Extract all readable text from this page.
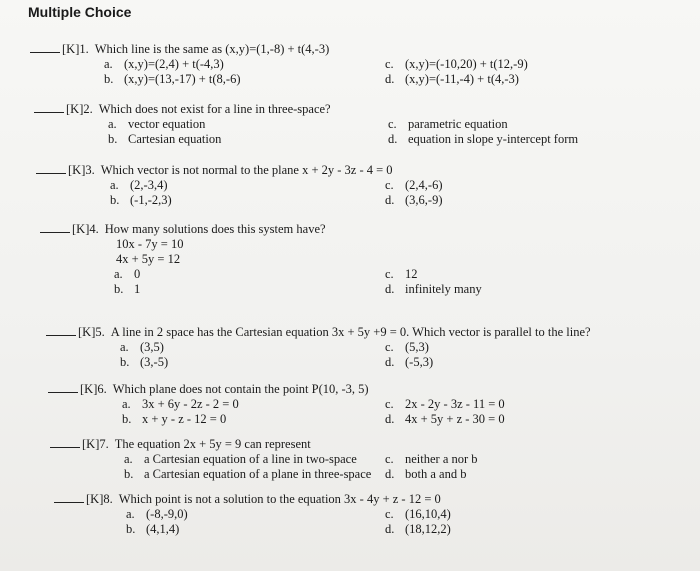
Multiple Choice
[K]1. Which line is the same as (x,y)=(1,-8) + t(4,-3)
a. (x,y)=(2,4) + t(-4,3)
b. (x,y)=(13,-17) + t(8,-6)
c. (x,y)=(-10,20) + t(12,-9)
d. (x,y)=(-11,-4) + t(4,-3)
[K]2. Which does not exist for a line in three-space?
a. vector equation
b. Cartesian equation
c. parametric equation
d. equation in slope y-intercept form
[K]3. Which vector is not normal to the plane x + 2y - 3z - 4 = 0
a. (2,-3,4)
b. (-1,-2,3)
c. (2,4,-6)
d. (3,6,-9)
[K]4. How many solutions does this system have?
10x - 7y = 10
4x + 5y = 12
a. 0
b. 1
c. 12
d. infinitely many
[K]5. A line in 2 space has the Cartesian equation 3x + 5y +9 = 0. Which vector is parallel to the line?
a. (3,5)
b. (3,-5)
c. (5,3)
d. (-5,3)
[K]6. Which plane does not contain the point P(10, -3, 5)
a. 3x + 6y - 2z - 2 = 0
b. x + y - z - 12 = 0
c. 2x - 2y - 3z - 11 = 0
d. 4x + 5y + z - 30 = 0
[K]7. The equation 2x + 5y = 9 can represent
a. a Cartesian equation of a line in two-space
b. a Cartesian equation of a plane in three-space
c. neither a nor b
d. both a and b
[K]8. Which point is not a solution to the equation 3x - 4y + z - 12 = 0
a. (-8,-9,0)
b. (4,1,4)
c. (16,10,4)
d. (18,12,2)
